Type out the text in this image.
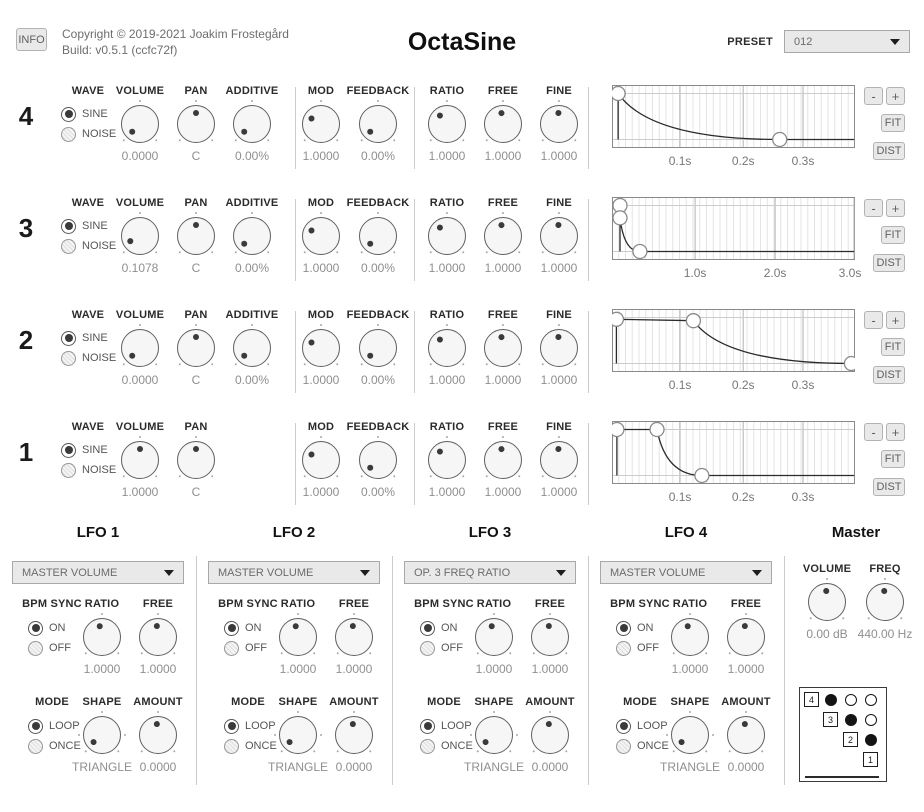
INFO Copyright © 2019-2021 Joakim Frostegård
Build: v0.5.1 (ccfc72f)	OctaSine	PRESET 012
4
WAVE
SINE
NOISE
VOLUME
0.0000
PAN
C
ADDITIVE
0.00%
MOD
1.0000
FEEDBACK
0.00%
RATIO
1.0000
FREE
1.0000
FINE
1.0000	0.1s	0.2s	0.3s
-	+
FIT
DIST
3
WAVE
SINE
NOISE
VOLUME
0.1078
PAN
C
ADDITIVE
0.00%
MOD
1.0000
FEEDBACK
0.00%
RATIO
1.0000
FREE
1.0000
FINE
1.0000	1.0s	2.0s	3.0s
-	+
FIT
DIST
2
WAVE
SINE
NOISE
VOLUME
0.0000
PAN
C
ADDITIVE
0.00%
MOD
1.0000
FEEDBACK
0.00%
RATIO
1.0000
FREE
1.0000
FINE
1.0000	0.1s	0.2s	0.3s
-	+
FIT
DIST
1
WAVE
SINE
NOISE
VOLUME
1.0000
PAN
C
MOD
1.0000
FEEDBACK
0.00%
RATIO
1.0000
FREE
1.0000
FINE
1.0000	0.1s	0.2s	0.3s
-	+
FIT
DIST
LFO 1
MASTER VOLUME
BPM SYNC
ON
OFF
RATIO
1.0000
FREE
1.0000
MODE
LOOP
ONCE
SHAPE
TRIANGLE
AMOUNT
0.0000
LFO 2
MASTER VOLUME
BPM SYNC
ON
OFF
RATIO
1.0000
FREE
1.0000
MODE
LOOP
ONCE
SHAPE
TRIANGLE
AMOUNT
0.0000
LFO 3
OP. 3 FREQ RATIO
BPM SYNC
ON
OFF
RATIO
1.0000
FREE
1.0000
MODE
LOOP
ONCE
SHAPE
TRIANGLE
AMOUNT
0.0000
LFO 4
MASTER VOLUME
BPM SYNC
ON
OFF
RATIO
1.0000
FREE
1.0000
MODE
LOOP
ONCE
SHAPE
TRIANGLE
AMOUNT
0.0000
Master
VOLUME
0.00 dB
FREQ
440.00 Hz
4
3
2
1
